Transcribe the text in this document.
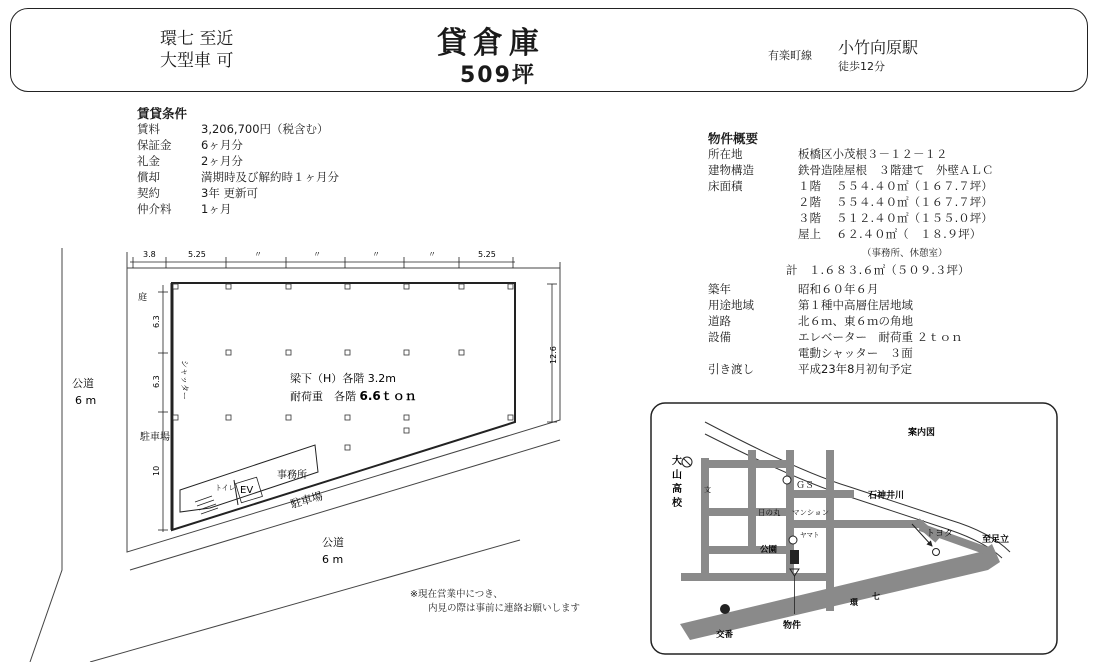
環七 至近
大型車 可	貸倉庫
509坪
有楽町線 小竹向原駅
徒歩12分
賃貸条件
賃料	3,206,700円（税含む）
保証金	6ヶ月分
礼金	2ヶ月分
償却	満期時及び解約時１ヶ月分
契約	3年 更新可
仲介料	1ヶ月
物件概要
所在地	板橋区小茂根３－１２－１２
建物構造	鉄骨造陸屋根　３階建て　外壁ＡＬＣ
床面積	１階 ５５４.４０㎡（１６７.７坪）
２階 ５５４.４０㎡（１６７.７坪）
３階 ５１２.４０㎡（１５５.０坪）
屋上 ６２.４０㎡（　１８.９坪）
（事務所、休憩室）
計　１.６８３.６㎡（５０９.３坪）
築年	昭和６０年６月
用途地域	第１種中高層住居地域
道路	北６ｍ、東６ｍの角地
設備	エレベーター　耐荷重 ２ｔｏｎ
電動シャッター　３面
引き渡し	平成23年8月初旬予定
3.8	5.25	〃	〃	〃	〃	5.25
6.3
6.3
10
12.6
事務所
EV
トイレ
庭
シャッター
駐車場
梁下（H）各階 3.2m
耐荷重　各階 6.6ｔｏｎ
駐車場
公道
6 m
公道
6 m
※現在営業中につき、
内見の際は事前に連絡お願いします
案内図
大
山
高
校
文	ＧＳ
石神井川
トヨタ
至足立
日の丸 マンション
ヤマト
公園
物件
交番
環
七
